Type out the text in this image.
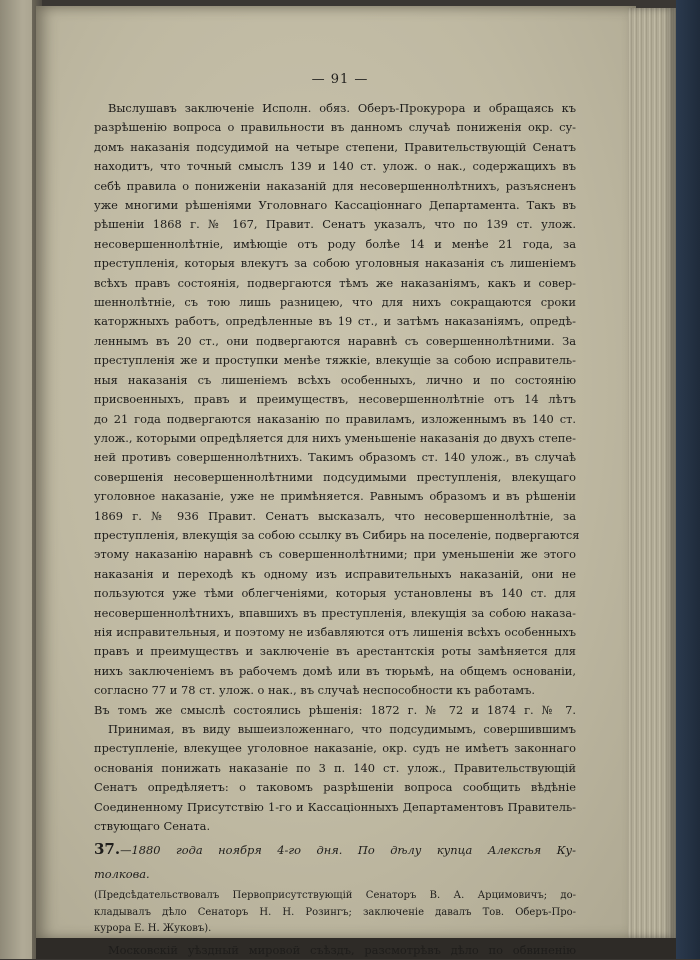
— 91 —
Выслушавъ заключеніе Исполн. обяз. Оберъ-Прокурора и обращаясь къ
разрѣшенію вопроса о правильности въ данномъ случаѣ пониженія окр. су-
домъ наказанія подсудимой на четыре степени, Правительствующій Сенатъ
находитъ, что точный смыслъ 139 и 140 ст. улож. о нак., содержащихъ въ
себѣ правила о пониженіи наказаній для несовершеннолѣтнихъ, разъясненъ
уже многими рѣшеніями Уголовнаго Кассаціоннаго Департамента. Такъ въ
рѣшеніи 1868 г. № 167, Правит. Сенатъ указалъ, что по 139 ст. улож.
несовершеннолѣтніе, имѣющіе отъ роду болѣе 14 и менѣе 21 года, за
преступленія, которыя влекутъ за собою уголовныя наказанія съ лишеніемъ
всѣхъ правъ состоянія, подвергаются тѣмъ же наказаніямъ, какъ и совер-
шеннолѣтніе, съ тою лишь разницею, что для нихъ сокращаются сроки
каторжныхъ работъ, опредѣленные въ 19 ст., и затѣмъ наказаніямъ, опредѣ-
леннымъ въ 20 ст., они подвергаются наравнѣ съ совершеннолѣтними. За
преступленія же и проступки менѣе тяжкіе, влекущіе за собою исправитель-
ныя наказанія съ лишеніемъ всѣхъ особенныхъ, лично и по состоянію
присвоенныхъ, правъ и преимуществъ, несовершеннолѣтніе отъ 14 лѣтъ
до 21 года подвергаются наказанію по правиламъ, изложеннымъ въ 140 ст.
улож., которыми опредѣляется для нихъ уменьшеніе наказанія до двухъ степе-
ней противъ совершеннолѣтнихъ. Такимъ образомъ ст. 140 улож., въ случаѣ
совершенія несовершеннолѣтними подсудимыми преступленія, влекущаго
уголовное наказаніе, уже не примѣняется. Равнымъ образомъ и въ рѣшеніи
1869 г. № 936 Правит. Сенатъ высказалъ, что несовершеннолѣтніе, за
преступленія, влекущія за собою ссылку въ Сибирь на поселеніе, подвергаются
этому наказанію наравнѣ съ совершеннолѣтними; при уменьшеніи же этого
наказанія и переходѣ къ одному изъ исправительныхъ наказаній, они не
пользуются уже тѣми облегченіями, которыя установлены въ 140 ст. для
несовершеннолѣтнихъ, впавшихъ въ преступленія, влекущія за собою наказа-
нія исправительныя, и поэтому не избавляются отъ лишенія всѣхъ особенныхъ
правъ и преимуществъ и заключеніе въ арестантскія роты замѣняется для
нихъ заключеніемъ въ рабочемъ домѣ или въ тюрьмѣ, на общемъ основаніи,
согласно 77 и 78 ст. улож. о нак., въ случаѣ неспособности къ работамъ.
Въ томъ же смыслѣ состоялись рѣшенія: 1872 г. № 72 и 1874 г. № 7.
Принимая, въ виду вышеизложеннаго, что подсудимымъ, совершившимъ
преступленіе, влекущее уголовное наказаніе, окр. судъ не имѣетъ законнаго
основанія понижать наказаніе по 3 п. 140 ст. улож., Правительствующій
Сенатъ опредѣляетъ: о таковомъ разрѣшеніи вопроса сообщить вѣдѣніе
Соединенному Присутствію 1-го и Кассаціонныхъ Департаментовъ Правитель-
ствующаго Сената.
37.—1880 года ноября 4-го дня. По дѣлу купца Алексѣя Ку-
толкова.
(Предсѣдательствовалъ Первоприсутствующій Сенаторъ В. А. Арцимовичъ; до-
кладывалъ дѣло Сенаторъ Н. Н. Розингъ; заключеніе давалъ Тов. Оберъ-Про-
курора Е. Н. Жуковъ).
Московскій уѣздный мировой съѣздъ, разсмотрѣвъ дѣло по обвиненію
